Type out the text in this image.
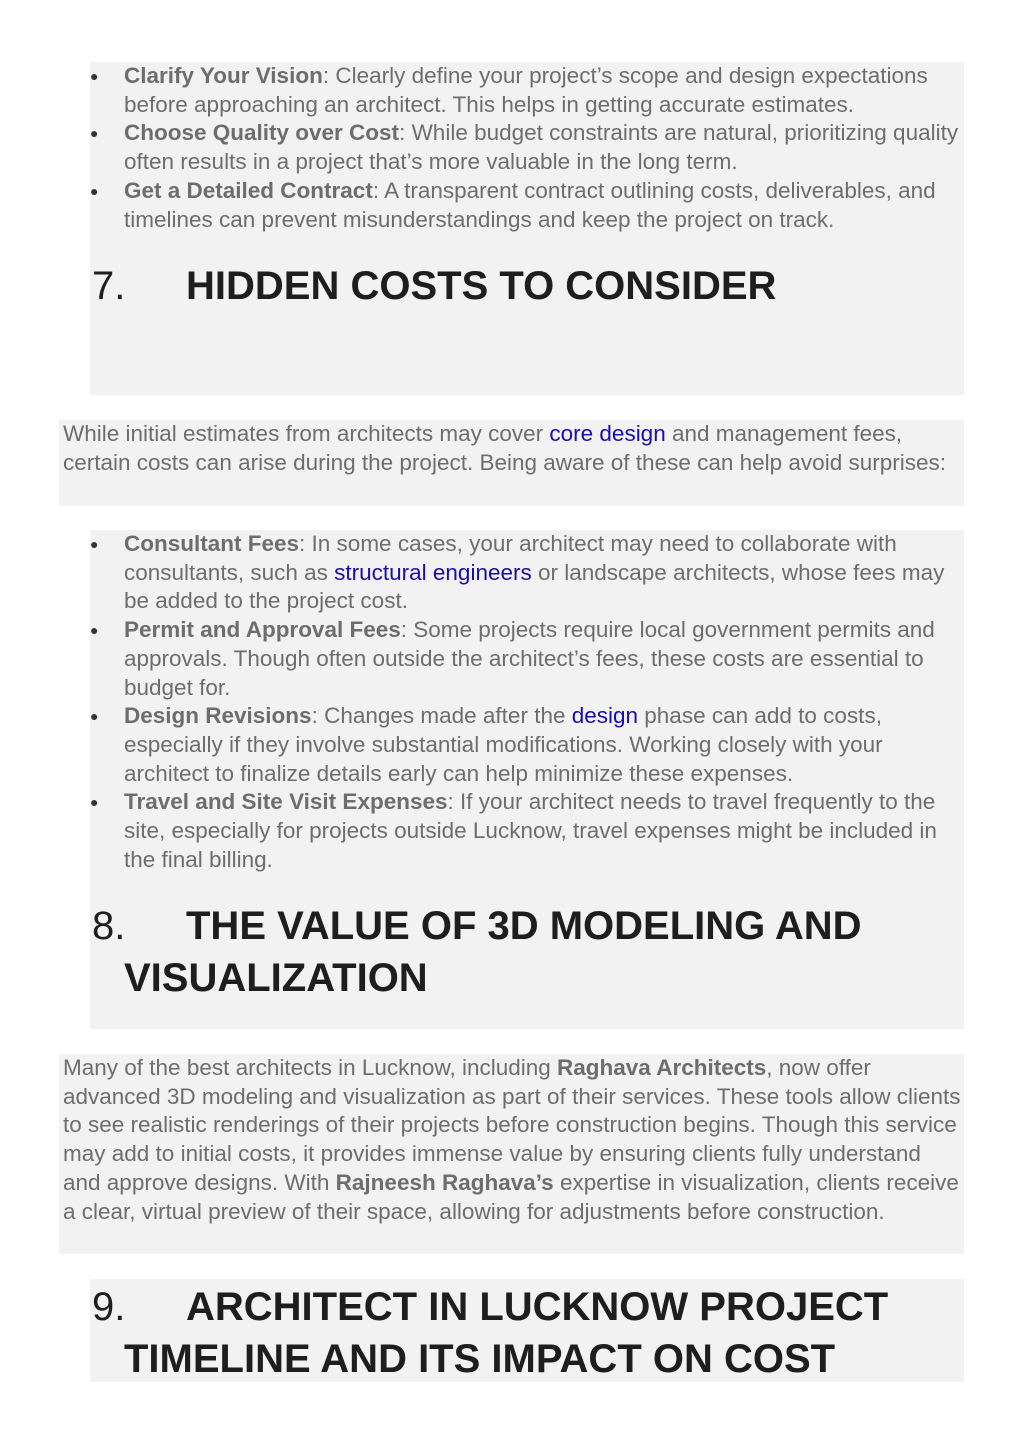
● Clarify Your Vision: Clearly define your project’s scope and design expectations before approaching an architect. This helps in getting accurate estimates.
● Choose Quality over Cost: While budget constraints are natural, prioritizing quality often results in a project that’s more valuable in the long term.
● Get a Detailed Contract: A transparent contract outlining costs, deliverables, and timelines can prevent misunderstandings and keep the project on track.
7. HIDDEN COSTS TO CONSIDER

While initial estimates from architects may cover core design and management fees, certain costs can arise during the project. Being aware of these can help avoid surprises:

● Consultant Fees: In some cases, your architect may need to collaborate with consultants, such as structural engineers or landscape architects, whose fees may be added to the project cost.
● Permit and Approval Fees: Some projects require local government permits and approvals. Though often outside the architect’s fees, these costs are essential to budget for.
● Design Revisions: Changes made after the design phase can add to costs, especially if they involve substantial modifications. Working closely with your architect to finalize details early can help minimize these expenses.
● Travel and Site Visit Expenses: If your architect needs to travel frequently to the site, especially for projects outside Lucknow, travel expenses might be included in the final billing.
8. THE VALUE OF 3D MODELING AND
VISUALIZATION

Many of the best architects in Lucknow, including Raghava Architects, now offer advanced 3D modeling and visualization as part of their services. These tools allow clients to see realistic renderings of their projects before construction begins. Though this service may add to initial costs, it provides immense value by ensuring clients fully understand and approve designs. With Rajneesh Raghava’s expertise in visualization, clients receive a clear, virtual preview of their space, allowing for adjustments before construction.

9. ARCHITECT IN LUCKNOW PROJECT
TIMELINE AND ITS IMPACT ON COST
